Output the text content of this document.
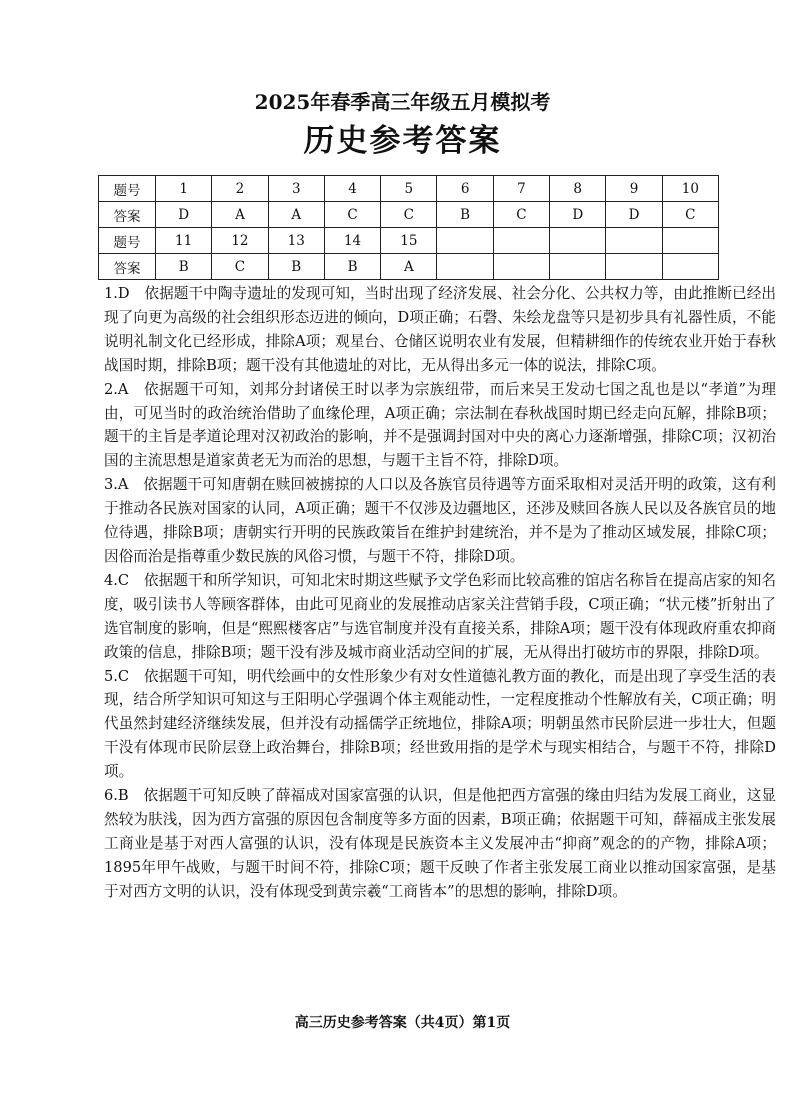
2025年春季高三年级五月模拟考
历史参考答案
题号	1	2	3	4	5	6	7	8	9	10
答案	D	A	A	C	C	B	C	D	D	C
题号	11	12	13	14	15					
答案	B	C	B	B	A					

1.D　依据题干中陶寺遗址的发现可知，当时出现了经济发展、社会分化、公共权力等，由此推断已经出现了向更为高级的社会组织形态迈进的倾向，D项正确；石磬、朱绘龙盘等只是初步具有礼器性质，不能说明礼制文化已经形成，排除A项；观星台、仓储区说明农业有发展，但精耕细作的传统农业开始于春秋战国时期，排除B项；题干没有其他遗址的对比，无从得出多元一体的说法，排除C项。

2.A　依据题干可知，刘邦分封诸侯王时以孝为宗族纽带，而后来吴王发动七国之乱也是以“孝道”为理由，可见当时的政治统治借助了血缘伦理，A项正确；宗法制在春秋战国时期已经走向瓦解，排除B项；题干的主旨是孝道论理对汉初政治的影响，并不是强调封国对中央的离心力逐渐增强，排除C项；汉初治国的主流思想是道家黄老无为而治的思想，与题干主旨不符，排除D项。

3.A　依据题干可知唐朝在赎回被掳掠的人口以及各族官员待遇等方面采取相对灵活开明的政策，这有利于推动各民族对国家的认同，A项正确；题干不仅涉及边疆地区，还涉及赎回各族人民以及各族官员的地位待遇，排除B项；唐朝实行开明的民族政策旨在维护封建统治，并不是为了推动区域发展，排除C项；因俗而治是指尊重少数民族的风俗习惯，与题干不符，排除D项。

4.C　依据题干和所学知识，可知北宋时期这些赋予文学色彩而比较高雅的馆店名称旨在提高店家的知名度，吸引读书人等顾客群体，由此可见商业的发展推动店家关注营销手段，C项正确；“状元楼”折射出了选官制度的影响，但是“熙熙楼客店”与选官制度并没有直接关系，排除A项；题干没有体现政府重农抑商政策的信息，排除B项；题干没有涉及城市商业活动空间的扩展，无从得出打破坊市的界限，排除D项。

5.C　依据题干可知，明代绘画中的女性形象少有对女性道德礼教方面的教化，而是出现了享受生活的表现，结合所学知识可知这与王阳明心学强调个体主观能动性，一定程度推动个性解放有关，C项正确；明代虽然封建经济继续发展，但并没有动摇儒学正统地位，排除A项；明朝虽然市民阶层进一步壮大，但题干没有体现市民阶层登上政治舞台，排除B项；经世致用指的是学术与现实相结合，与题干不符，排除D项。

6.B　依据题干可知反映了薛福成对国家富强的认识，但是他把西方富强的缘由归结为发展工商业，这显然较为肤浅，因为西方富强的原因包含制度等多方面的因素，B项正确；依据题干可知，薛福成主张发展工商业是基于对西人富强的认识，没有体现是民族资本主义发展冲击“抑商”观念的的产物，排除A项；1895年甲午战败，与题干时间不符，排除C项；题干反映了作者主张发展工商业以推动国家富强，是基于对西方文明的认识，没有体现受到黄宗羲“工商皆本”的思想的影响，排除D项。

高三历史参考答案（共4页）第1页
